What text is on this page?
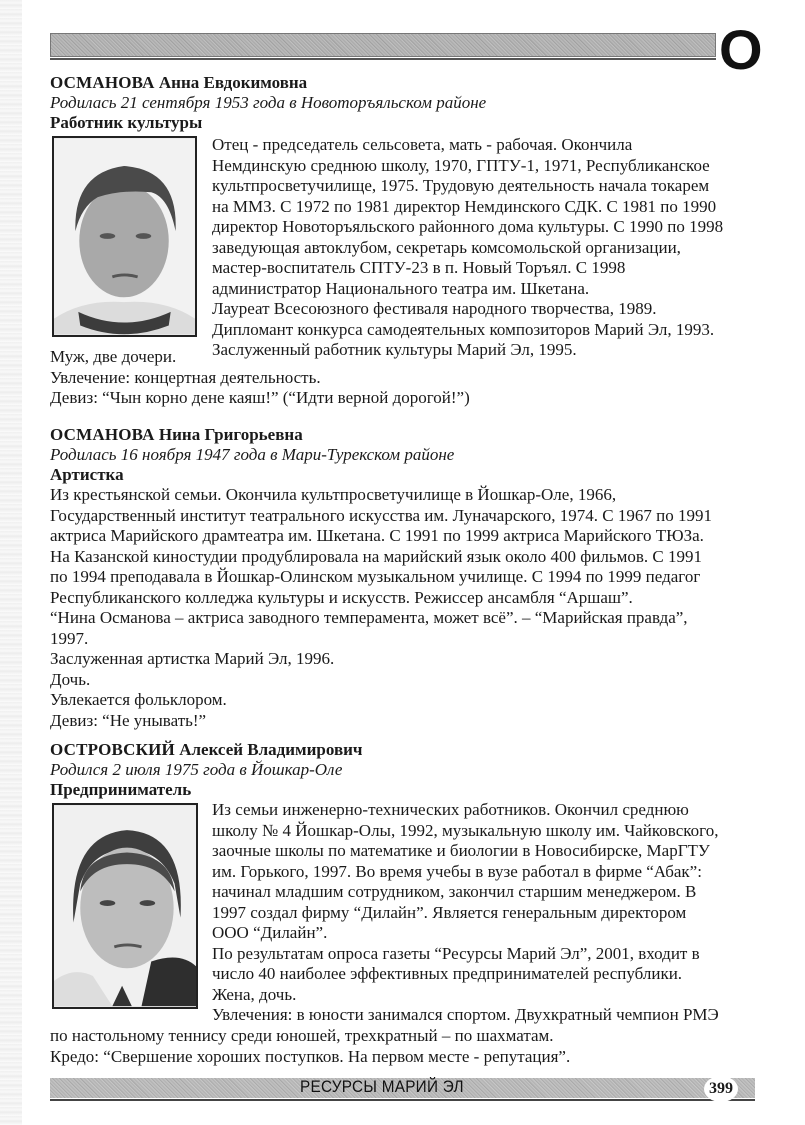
О
ОСМАНОВА Анна Евдокимовна
Родилась 21 сентября 1953 года в Новоторъяльском районе
Работник культуры
Отец - председатель сельсовета, мать - рабочая. Окончила
Немдинскую среднюю школу, 1970, ГПТУ-1, 1971, Республиканское
культпросветучилище, 1975. Трудовую деятельность начала токарем
на ММЗ. С 1972 по 1981 директор Немдинского СДК. С 1981 по 1990
директор Новоторъяльского районного дома культуры. С 1990 по 1998
заведующая автоклубом, секретарь комсомольской организации,
мастер-воспитатель СПТУ-23 в п. Новый Торъял. С 1998
администратор Национального театра им. Шкетана.
Лауреат Всесоюзного фестиваля народного творчества, 1989.
Дипломант конкурса самодеятельных композиторов Марий Эл, 1993.
Заслуженный работник культуры Марий Эл, 1995.
Муж, две дочери.
Увлечение: концертная деятельность.
Девиз: “Чын корно дене каяш!” (“Идти верной дорогой!”)
ОСМАНОВА Нина Григорьевна
Родилась 16 ноября 1947 года в Мари-Турекском районе
Артистка
Из крестьянской семьи. Окончила культпросветучилище в Йошкар-Оле, 1966,
Государственный институт театрального искусства им. Луначарского, 1974. С 1967 по 1991
актриса Марийского драмтеатра им. Шкетана. С 1991 по 1999 актриса Марийского ТЮЗа.
На Казанской киностудии продублировала на марийский язык около 400 фильмов. С 1991
по 1994 преподавала в Йошкар-Олинском музыкальном училище. С 1994 по 1999 педагог
Республиканского колледжа культуры и искусств. Режиссер ансамбля “Аршаш”.
“Нина Османова – актриса заводного темперамента, может всё”. – “Марийская правда”,
1997.
Заслуженная артистка Марий Эл, 1996.
Дочь.
Увлекается фольклором.
Девиз: “Не унывать!”
ОСТРОВСКИЙ Алексей Владимирович
Родился 2 июля 1975 года в Йошкар-Оле
Предприниматель
Из семьи инженерно-технических работников. Окончил среднюю
школу № 4 Йошкар-Олы, 1992, музыкальную школу им. Чайковского,
заочные школы по математике и биологии в Новосибирске, МарГТУ
им. Горького, 1997. Во время учебы в вузе работал в фирме “Абак”:
начинал младшим сотрудником, закончил старшим менеджером. В
1997 создал фирму “Дилайн”. Является генеральным директором
ООО “Дилайн”.
По результатам опроса газеты “Ресурсы Марий Эл”, 2001, входит в
число 40 наиболее эффективных предпринимателей республики.
Жена, дочь.
Увлечения: в юности занимался спортом. Двухкратный чемпион РМЭ
по настольному теннису среди юношей, трехкратный – по шахматам.
Кредо: “Свершение хороших поступков. На первом месте - репутация”.
РЕСУРСЫ МАРИЙ ЭЛ	399
